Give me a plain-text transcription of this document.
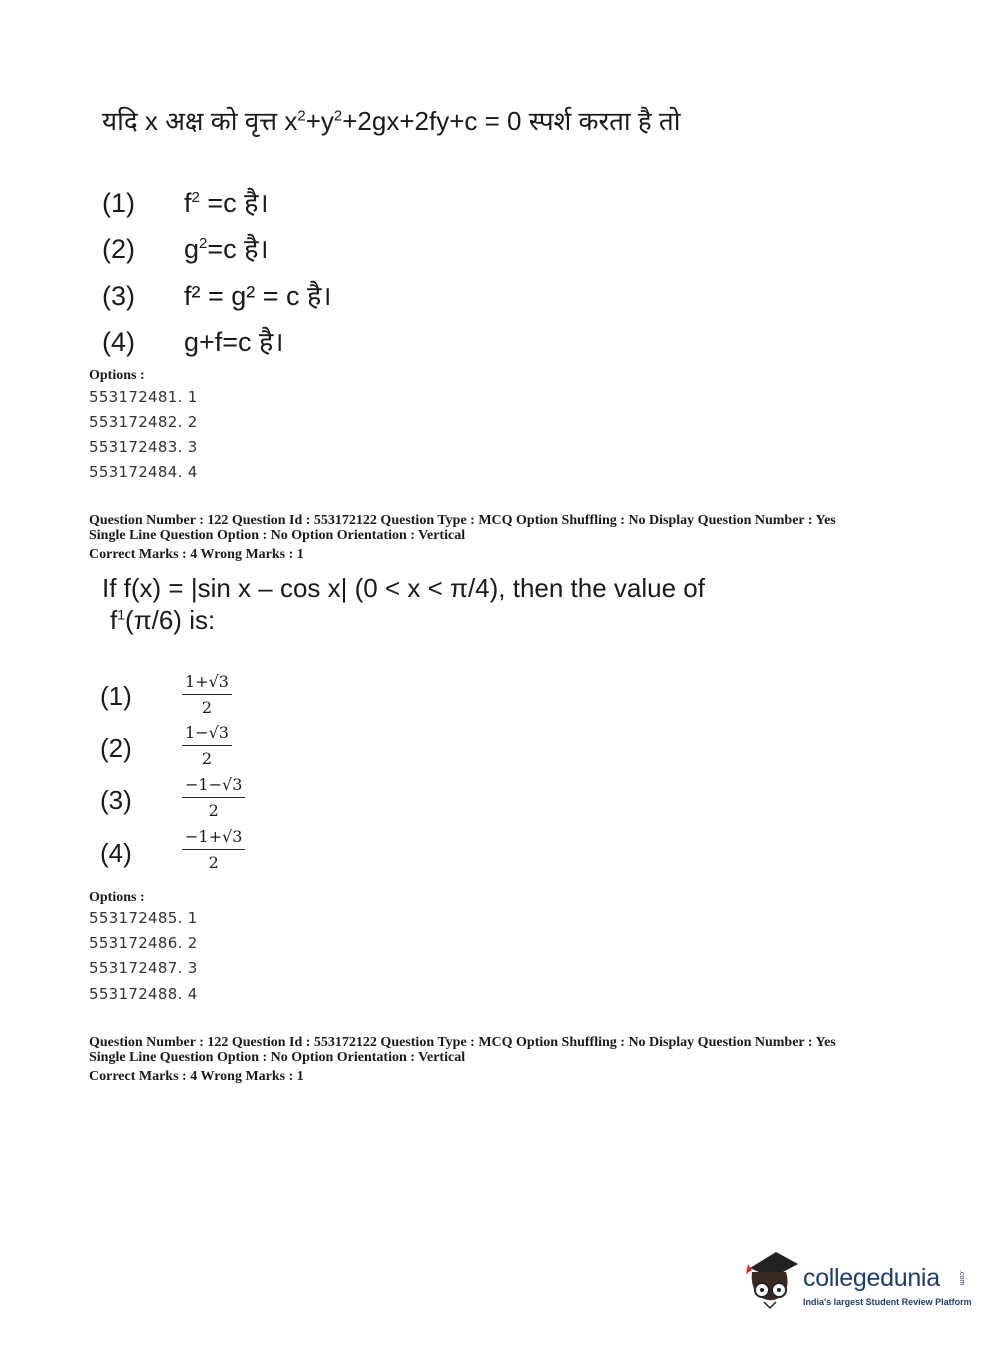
यदि x अक्ष को वृत्त $x^2+y^2+2gx+2fy+c = 0$ स्पर्श करता है तो
(1) $f^2 =c$ है।
(2) $g^2=c$ है।
(3) f² = g² = c है।
(4) g+f=c है।
Options :
553172481. 1
553172482. 2
553172483. 3
553172484. 4
Question Number : 122 Question Id : 553172122 Question Type : MCQ Option Shuffling : No Display Question Number : Yes
Single Line Question Option : No Option Orientation : Vertical
Correct Marks : 4 Wrong Marks : 1
If f(x) = |sin x – cos x| (0 < x < π/4), then the value of
$f^1(\pi/6)$ is:
(1)	$\frac{1+√3}{2}$
(2)	$\frac{1-√3}{2}$
(3)	$\frac{-1-√3}{2}$
(4)	$\frac{-1+√3}{2}$
Options :
553172485. 1
553172486. 2
553172487. 3
553172488. 4
Question Number : 122 Question Id : 553172122 Question Type : MCQ Option Shuffling : No Display Question Number : Yes
Single Line Question Option : No Option Orientation : Vertical
Correct Marks : 4 Wrong Marks : 1
collegedunia	.com
India's largest Student Review Platform
